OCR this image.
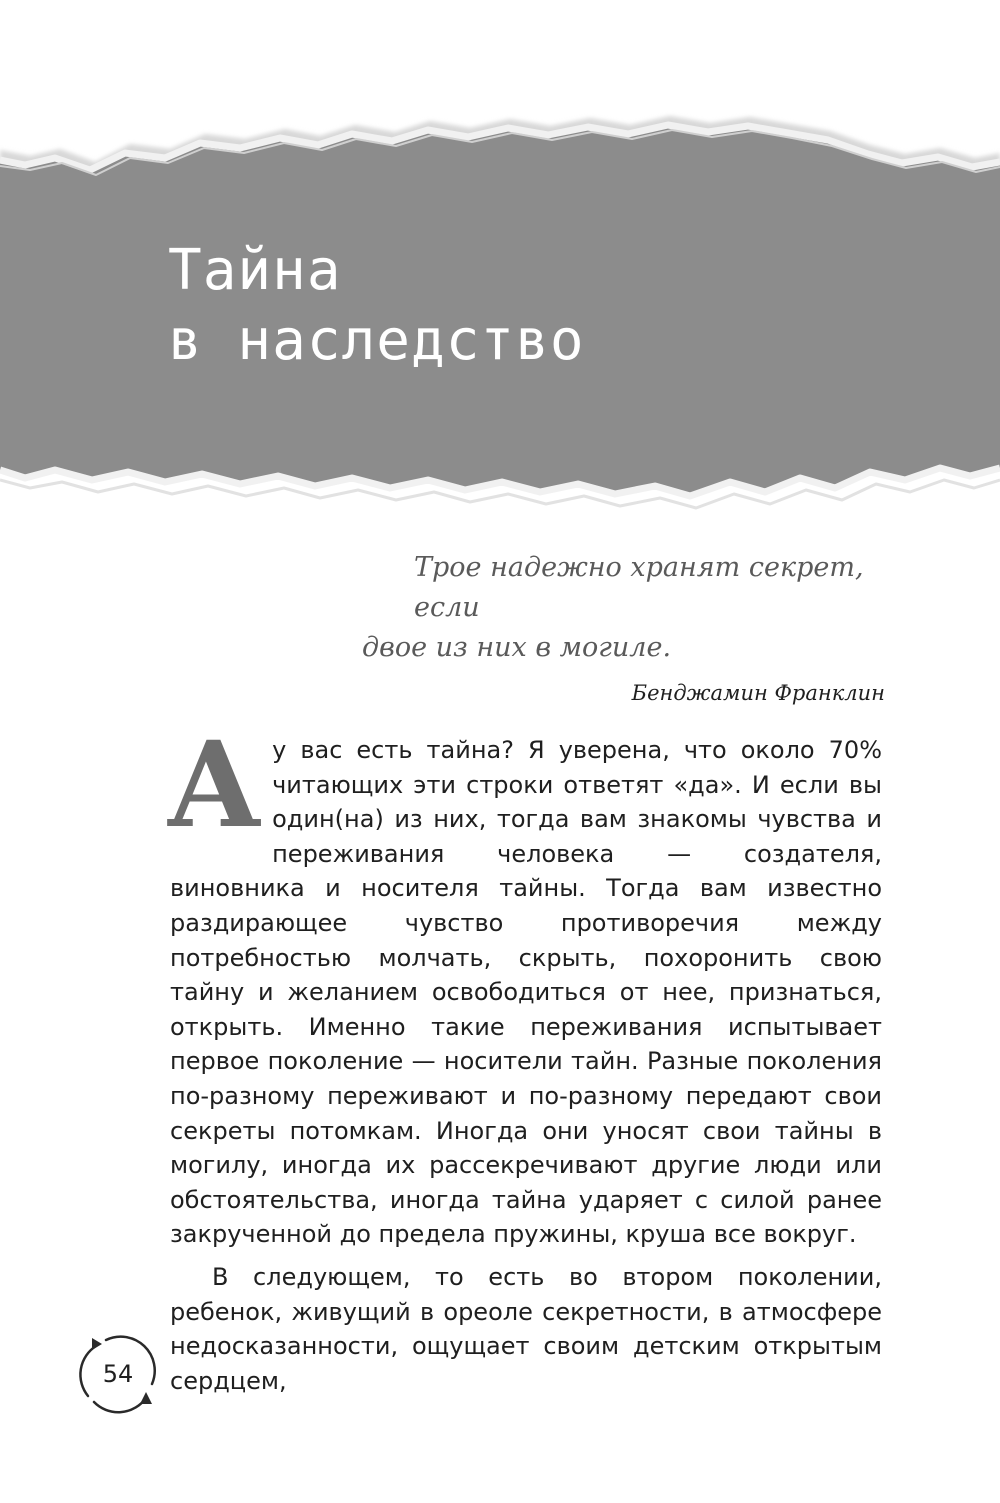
Тайна
в наследство

Трое надежно хранят секрет, если
двое из них в могиле.

Бенджамин Франклин

А у вас есть тайна? Я уверена, что около 70% читающих эти строки ответят «да». И если вы один(на) из них, тогда вам знакомы чувства и переживания человека — создателя, виновника и носителя тайны. Тогда вам известно раздирающее чувство противоречия между потребностью молчать, скрыть, похоронить свою тайну и желанием освободиться от нее, признаться, открыть. Именно такие переживания испытывает первое поколение — носители тайн. Разные поколения по-разному переживают и по-разному передают свои секреты потомкам. Иногда они уносят свои тайны в могилу, иногда их рассекречивают другие люди или обстоятельства, иногда тайна ударяет с силой ранее закрученной до предела пружины, круша все вокруг.

В следующем, то есть во втором поколении, ребенок, живущий в ореоле секретности, в атмосфере недосказанности, ощущает своим детским открытым сердцем,

54
